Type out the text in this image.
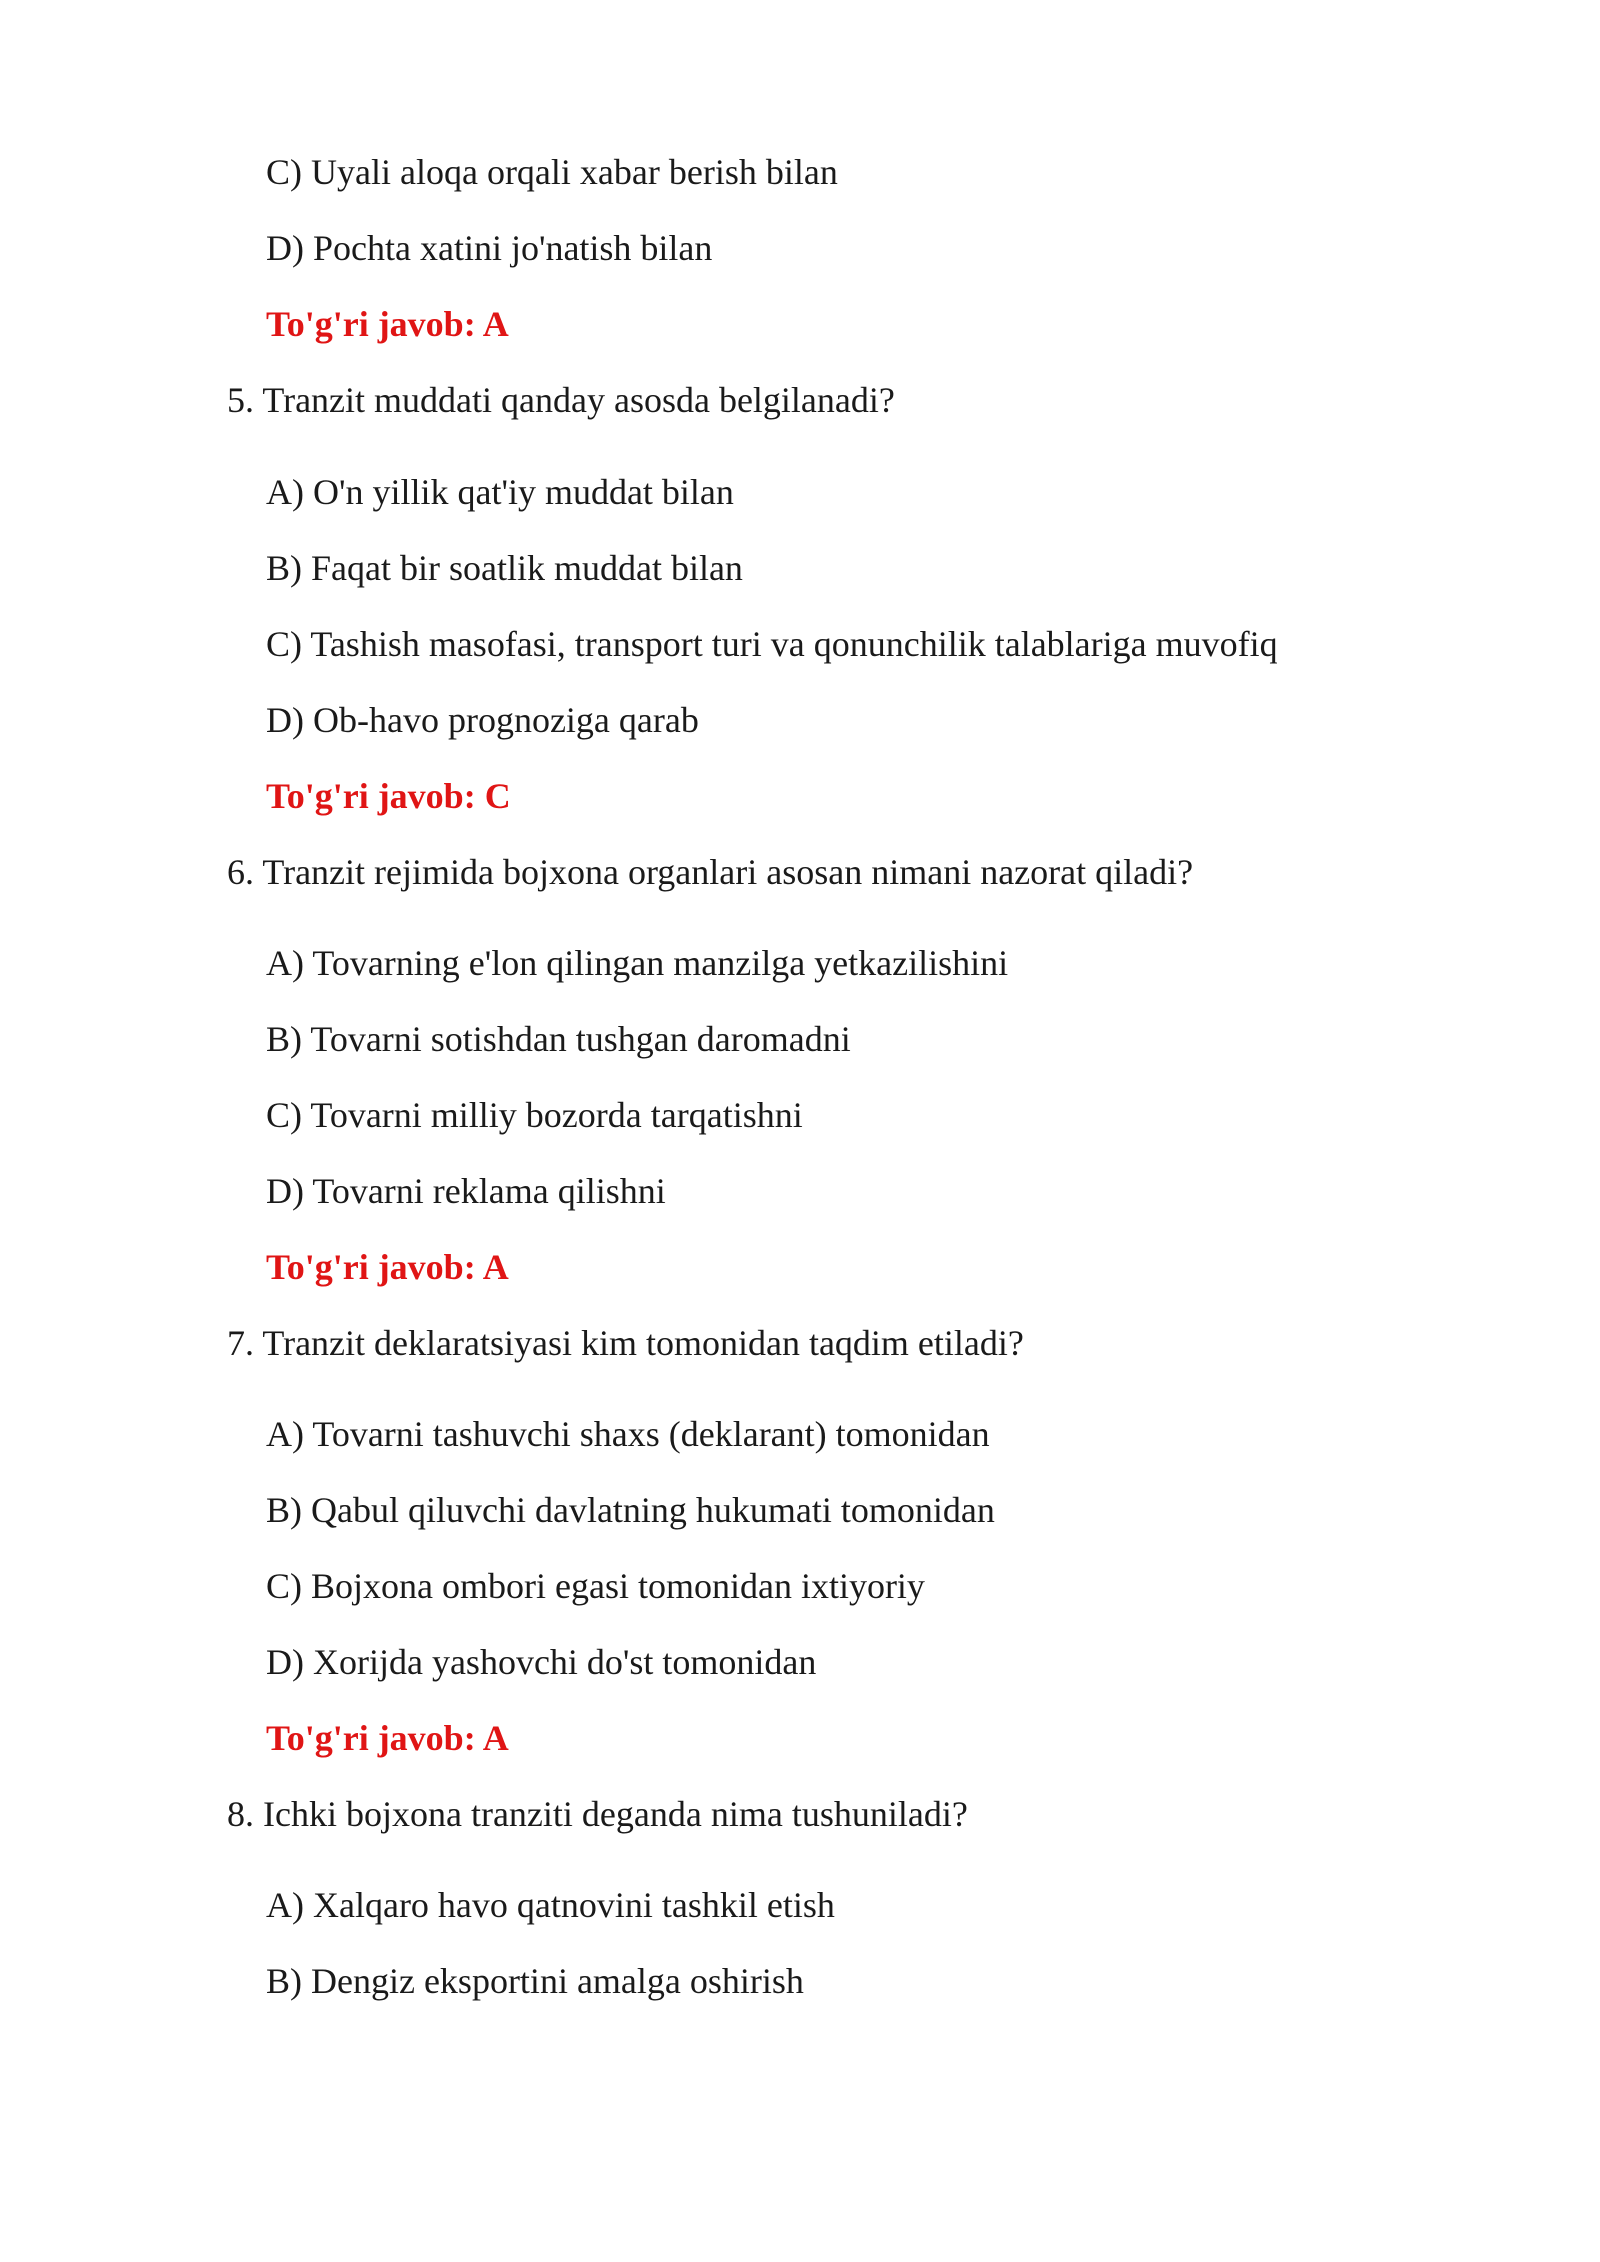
C) Uyali aloqa orqali xabar berish bilan
D) Pochta xatini jo'natish bilan
To'g'ri javob: A
5. Tranzit muddati qanday asosda belgilanadi?
A) O'n yillik qat'iy muddat bilan
B) Faqat bir soatlik muddat bilan
C) Tashish masofasi, transport turi va qonunchilik talablariga muvofiq
D) Ob-havo prognoziga qarab
To'g'ri javob: C
6. Tranzit rejimida bojxona organlari asosan nimani nazorat qiladi?
A) Tovarning e'lon qilingan manzilga yetkazilishini
B) Tovarni sotishdan tushgan daromadni
C) Tovarni milliy bozorda tarqatishni
D) Tovarni reklama qilishni
To'g'ri javob: A
7. Tranzit deklaratsiyasi kim tomonidan taqdim etiladi?
A) Tovarni tashuvchi shaxs (deklarant) tomonidan
B) Qabul qiluvchi davlatning hukumati tomonidan
C) Bojxona ombori egasi tomonidan ixtiyoriy
D) Xorijda yashovchi do'st tomonidan
To'g'ri javob: A
8. Ichki bojxona tranziti deganda nima tushuniladi?
A) Xalqaro havo qatnovini tashkil etish
B) Dengiz eksportini amalga oshirish
